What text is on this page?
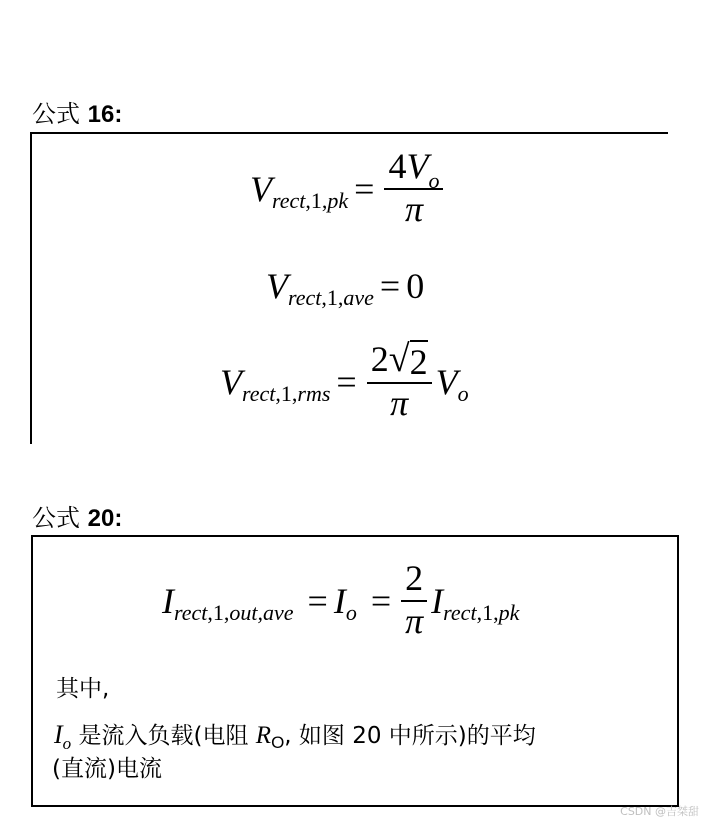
公式 16:
V rect,1,pk = $\frac{4V_o}{\pi}$
V rect,1,ave = 0
V rect,1,rms = $\frac{2 √ 2}{\pi}$ V o
公式 20:
I rect,1,out,ave = I $o = \frac{2}{\pi}$ I rect,1,pk
其中,
$I_o$ 是流入负载(电阻 $R_O$, 如图 20 中所示)的平均
(直流)电流
CSDN @吉桀甜
